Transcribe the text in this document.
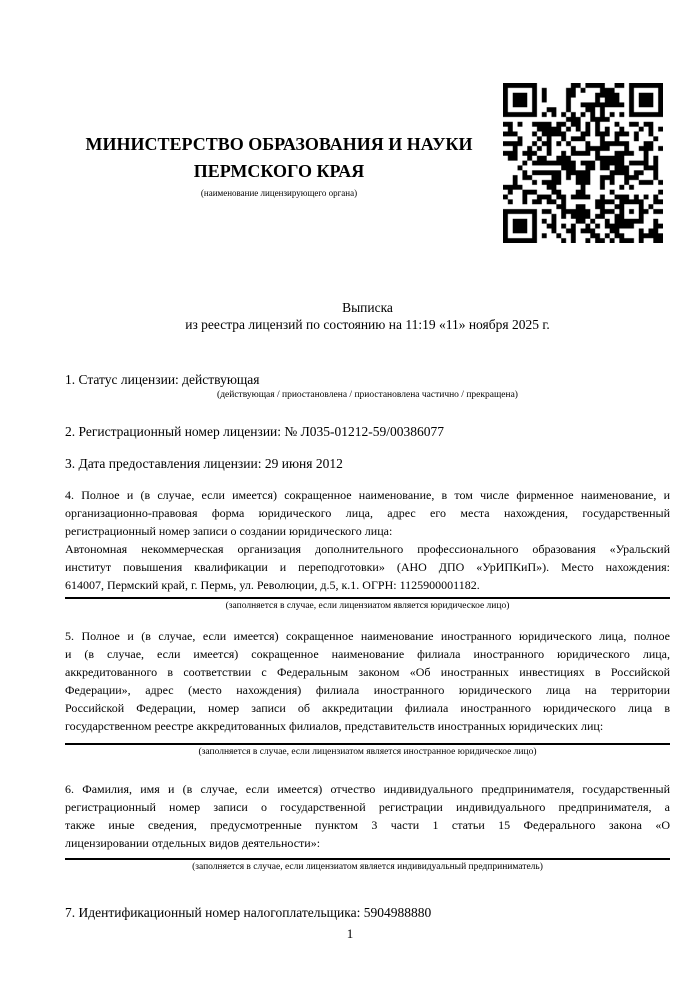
МИНИСТЕРСТВО ОБРАЗОВАНИЯ И НАУКИ
ПЕРМСКОГО КРАЯ
(наименование лицензирующего органа)
Выписка
из реестра лицензий по состоянию на 11:19 «11» ноября 2025 г.
1. Статус лицензии: действующая
(действующая / приостановлена / приостановлена частично / прекращена)
2. Регистрационный номер лицензии: № Л035-01212-59/00386077
3. Дата предоставления лицензии: 29 июня 2012
4. Полное и (в случае, если имеется) сокращенное наименование, в том числе фирменное наименование, и
организационно-правовая форма юридического лица, адрес его места нахождения, государственный
регистрационный номер записи о создании юридического лица:
Автономная некоммерческая организация дополнительного профессионального образования «Уральский
институт повышения квалификации и переподготовки» (АНО ДПО «УрИПКиП»). Место нахождения:
614007, Пермский край, г. Пермь, ул. Революции, д.5, к.1. ОГРН: 1125900001182.
(заполняется в случае, если лицензиатом является юридическое лицо)
5. Полное и (в случае, если имеется) сокращенное наименование иностранного юридического лица, полное
и (в случае, если имеется) сокращенное наименование филиала иностранного юридического лица,
аккредитованного в соответствии с Федеральным законом «Об иностранных инвестициях в Российской
Федерации», адрес (место нахождения) филиала иностранного юридического лица на территории
Российской Федерации, номер записи об аккредитации филиала иностранного юридического лица в
государственном реестре аккредитованных филиалов, представительств иностранных юридических лиц:
(заполняется в случае, если лицензиатом является иностранное юридическое лицо)
6. Фамилия, имя и (в случае, если имеется) отчество индивидуального предпринимателя, государственный
регистрационный номер записи о государственной регистрации индивидуального предпринимателя, а
также иные сведения, предусмотренные пунктом 3 части 1 статьи 15 Федерального закона «О
лицензировании отдельных видов деятельности»:
(заполняется в случае, если лицензиатом является индивидуальный предприниматель)
7. Идентификационный номер налогоплательщика: 5904988880
1
